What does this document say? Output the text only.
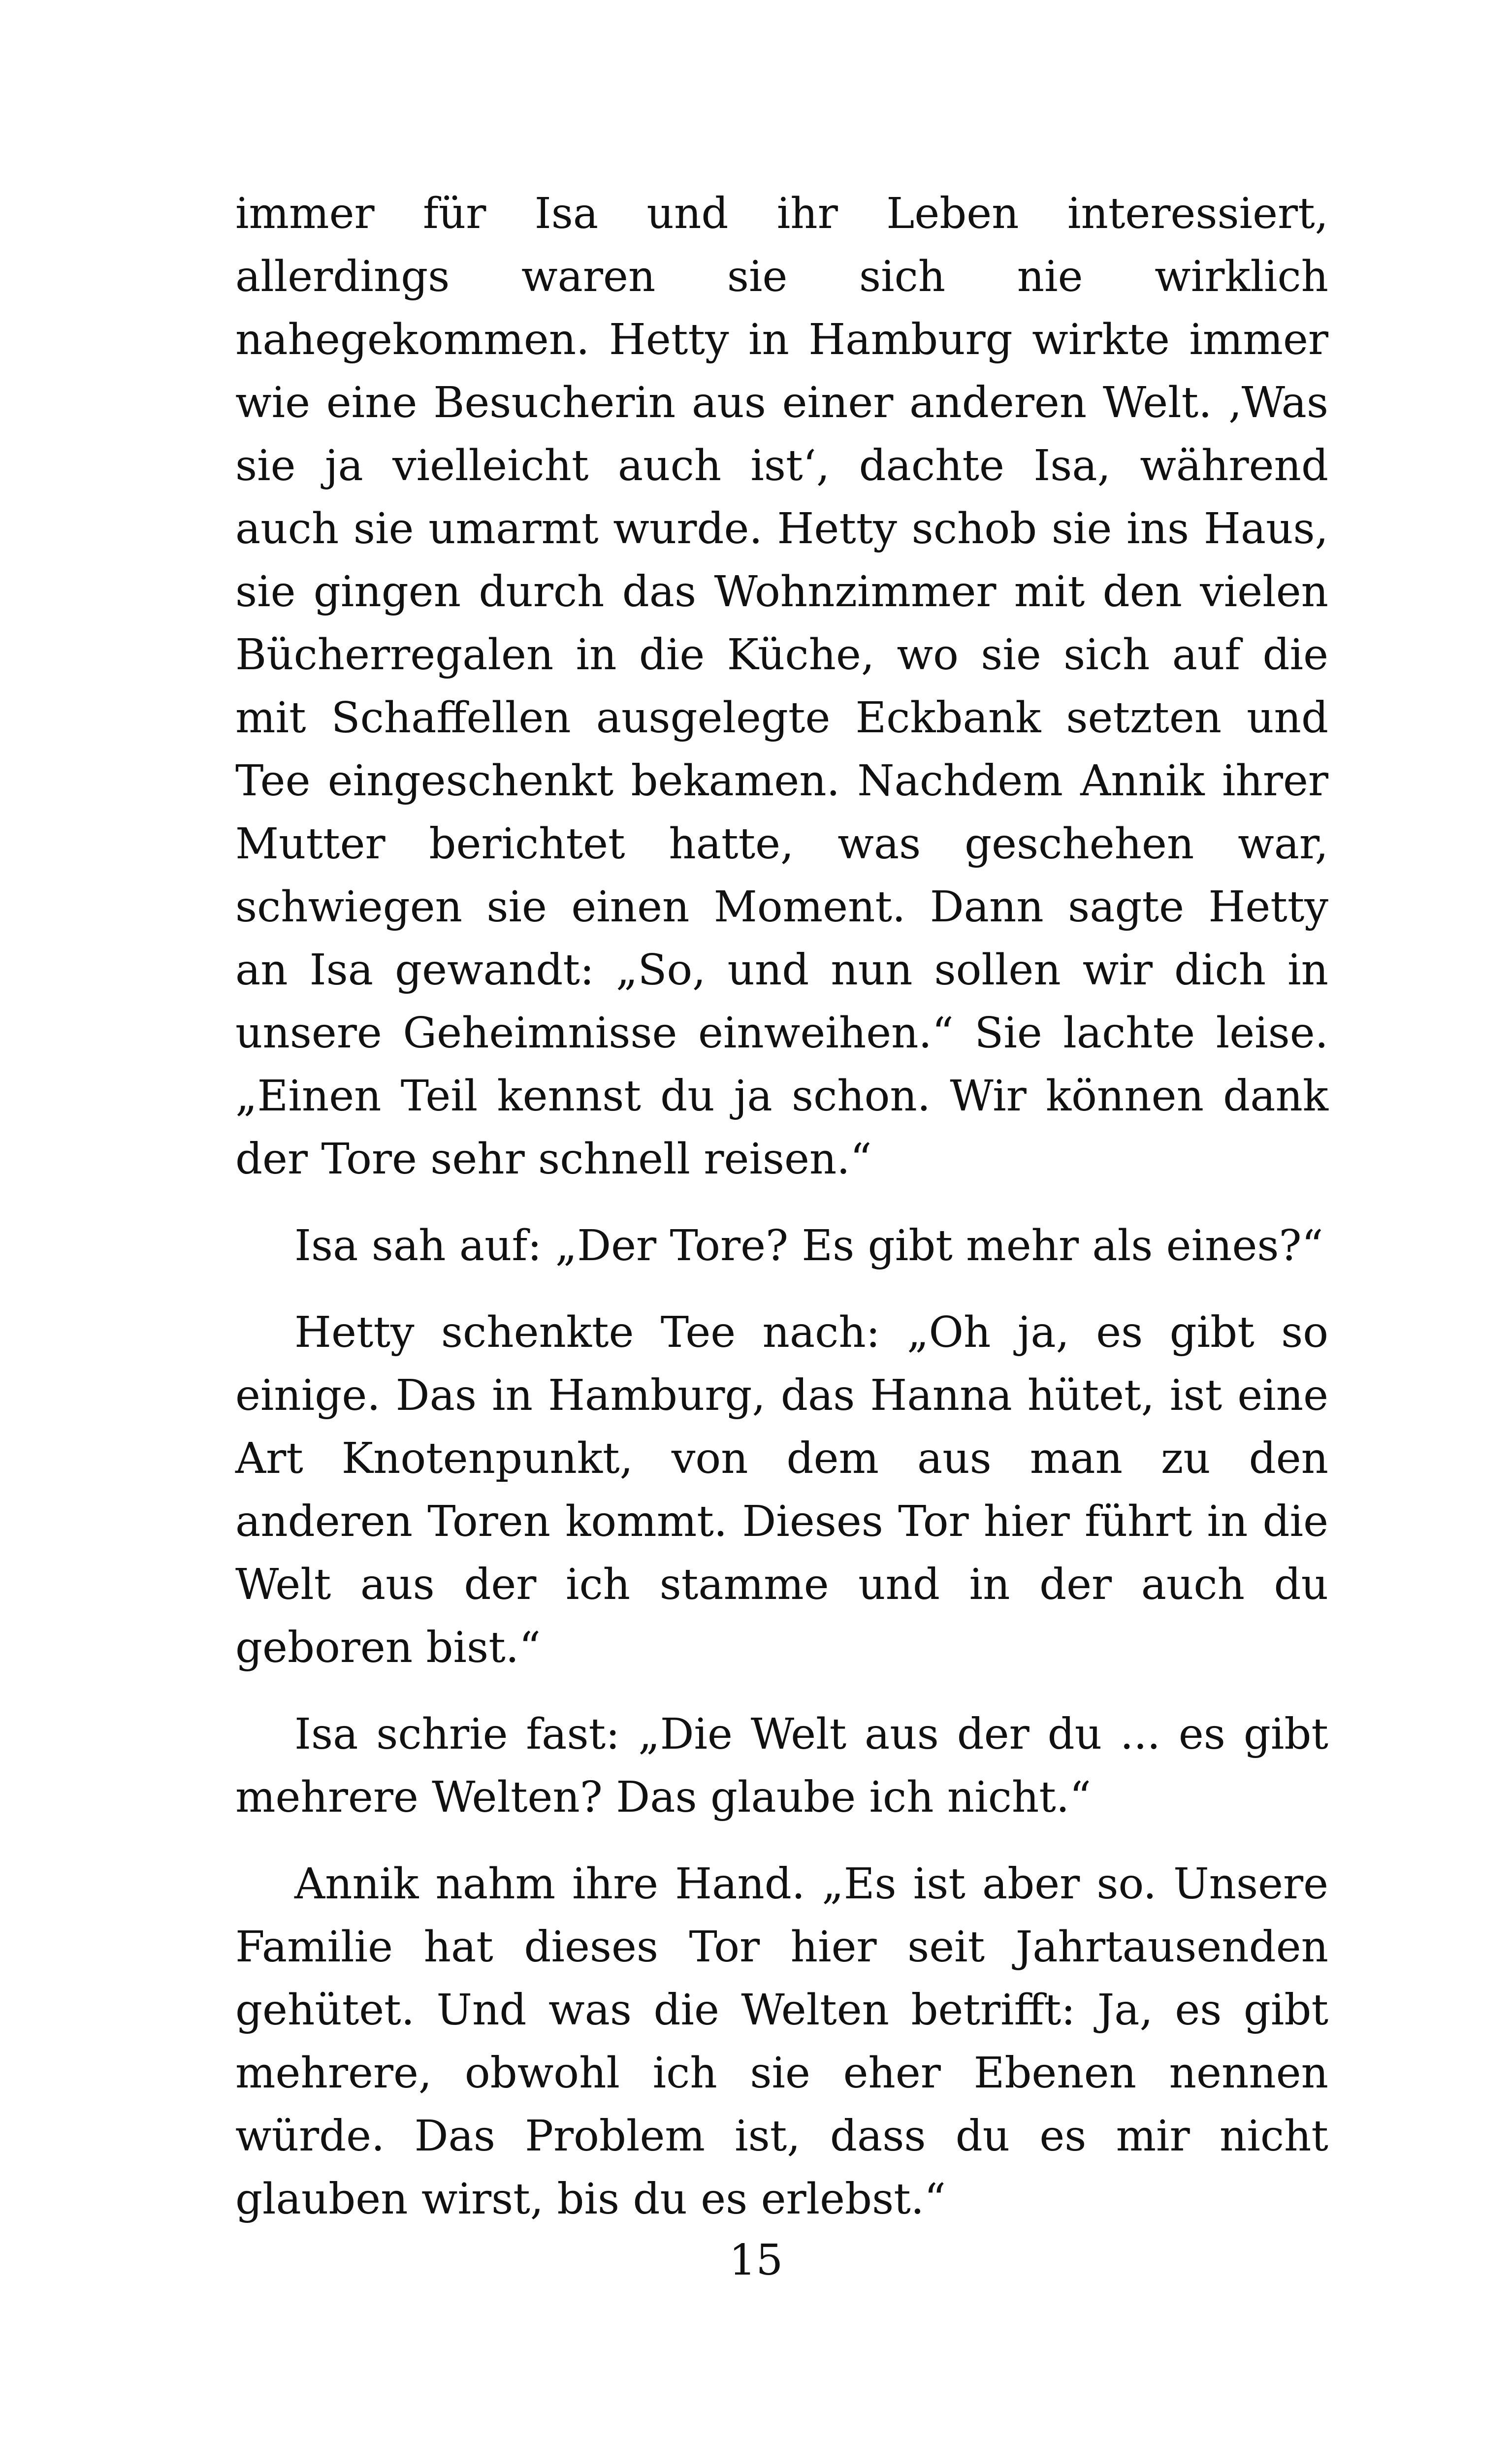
immer für Isa und ihr Leben interessiert, allerdings waren sie sich nie wirklich nahegekommen. Hetty in Hamburg wirkte immer wie eine Besucherin aus einer anderen Welt. ‚Was sie ja vielleicht auch ist‘, dachte Isa, während auch sie umarmt wurde. Hetty schob sie ins Haus, sie gingen durch das Wohnzimmer mit den vielen Bücherregalen in die Küche, wo sie sich auf die mit Schaffellen ausgelegte Eckbank setzten und Tee eingeschenkt bekamen. Nachdem Annik ihrer Mutter berichtet hatte, was geschehen war, schwiegen sie einen Moment. Dann sagte Hetty an Isa gewandt: „So, und nun sollen wir dich in unsere Geheimnisse einweihen.“ Sie lachte leise. „Einen Teil kennst du ja schon. Wir können dank der Tore sehr schnell reisen.“

Isa sah auf: „Der Tore? Es gibt mehr als eines?“

Hetty schenkte Tee nach: „Oh ja, es gibt so einige. Das in Hamburg, das Hanna hütet, ist eine Art Knotenpunkt, von dem aus man zu den anderen Toren kommt. Dieses Tor hier führt in die Welt aus der ich stamme und in der auch du geboren bist.“

Isa schrie fast: „Die Welt aus der du ... es gibt mehrere Welten? Das glaube ich nicht.“

Annik nahm ihre Hand. „Es ist aber so. Unsere Familie hat dieses Tor hier seit Jahrtausenden gehütet. Und was die Welten betrifft: Ja, es gibt mehrere, obwohl ich sie eher Ebenen nennen würde. Das Problem ist, dass du es mir nicht glauben wirst, bis du es erlebst.“

15
